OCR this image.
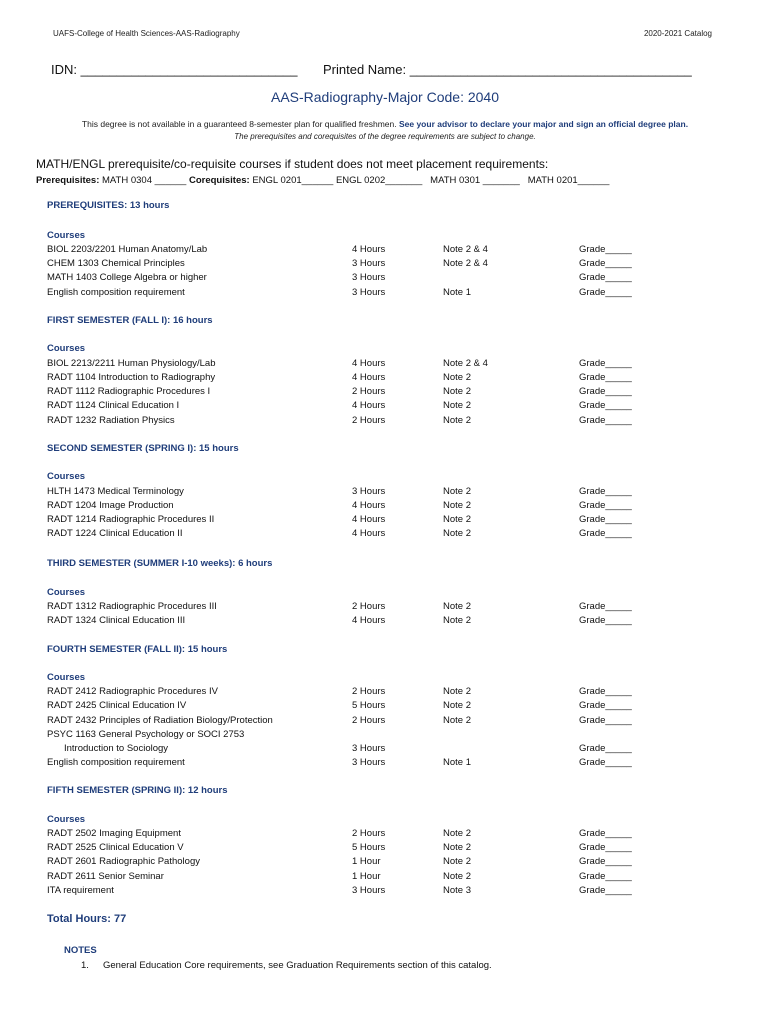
UAFS-College of Health Sciences-AAS-Radiography	2020-2021 Catalog
IDN: ______________________________ Printed Name: _______________________________________
AAS-Radiography-Major Code: 2040
This degree is not available in a guaranteed 8-semester plan for qualified freshmen. See your advisor to declare your major and sign an official degree plan.
The prerequisites and corequisites of the degree requirements are subject to change.
MATH/ENGL prerequisite/co-requisite courses if student does not meet placement requirements:
Prerequisites: MATH 0304 ______ Corequisites: ENGL 0201______ ENGL 0202_______   MATH 0301 _______   MATH 0201______
PREREQUISITES: 13 hours
Courses
BIOL 2203/2201 Human Anatomy/Lab	4 Hours	Note 2 & 4	Grade_____
CHEM 1303 Chemical Principles	3 Hours	Note 2 & 4	Grade_____
MATH 1403 College Algebra or higher	3 Hours	Grade_____
English composition requirement	3 Hours	Note 1	Grade_____
FIRST SEMESTER (FALL I): 16 hours
Courses
BIOL 2213/2211 Human Physiology/Lab	4 Hours	Note 2 & 4	Grade_____
RADT 1104 Introduction to Radiography	4 Hours	Note 2	Grade_____
RADT 1112 Radiographic Procedures I	2 Hours	Note 2	Grade_____
RADT 1124 Clinical Education I	4 Hours	Note 2	Grade_____
RADT 1232 Radiation Physics	2 Hours	Note 2	Grade_____
SECOND SEMESTER (SPRING I): 15 hours
Courses
HLTH 1473 Medical Terminology	3 Hours	Note 2	Grade_____
RADT 1204 Image Production	4 Hours	Note 2	Grade_____
RADT 1214 Radiographic Procedures II	4 Hours	Note 2	Grade_____
RADT 1224 Clinical Education II	4 Hours	Note 2	Grade_____
THIRD SEMESTER (SUMMER I-10 weeks): 6 hours
Courses
RADT 1312 Radiographic Procedures III	2 Hours	Note 2	Grade_____
RADT 1324 Clinical Education III	4 Hours	Note 2	Grade_____
FOURTH SEMESTER (FALL II): 15 hours
Courses
RADT 2412 Radiographic Procedures IV	2 Hours	Note 2	Grade_____
RADT 2425 Clinical Education IV	5 Hours	Note 2	Grade_____
RADT 2432 Principles of Radiation Biology/Protection	2 Hours	Note 2	Grade_____
PSYC 1163 General Psychology or SOCI 2753
Introduction to Sociology	3 Hours	Grade_____
English composition requirement	3 Hours	Note 1	Grade_____
FIFTH SEMESTER (SPRING II): 12 hours
Courses
RADT 2502 Imaging Equipment	2 Hours	Note 2	Grade_____
RADT 2525 Clinical Education V	5 Hours	Note 2	Grade_____
RADT 2601 Radiographic Pathology	1 Hour	Note 2	Grade_____
RADT 2611 Senior Seminar	1 Hour	Note 2	Grade_____
ITA requirement	3 Hours	Note 3	Grade_____
Total Hours: 77
NOTES
1. General Education Core requirements, see Graduation Requirements section of this catalog.
